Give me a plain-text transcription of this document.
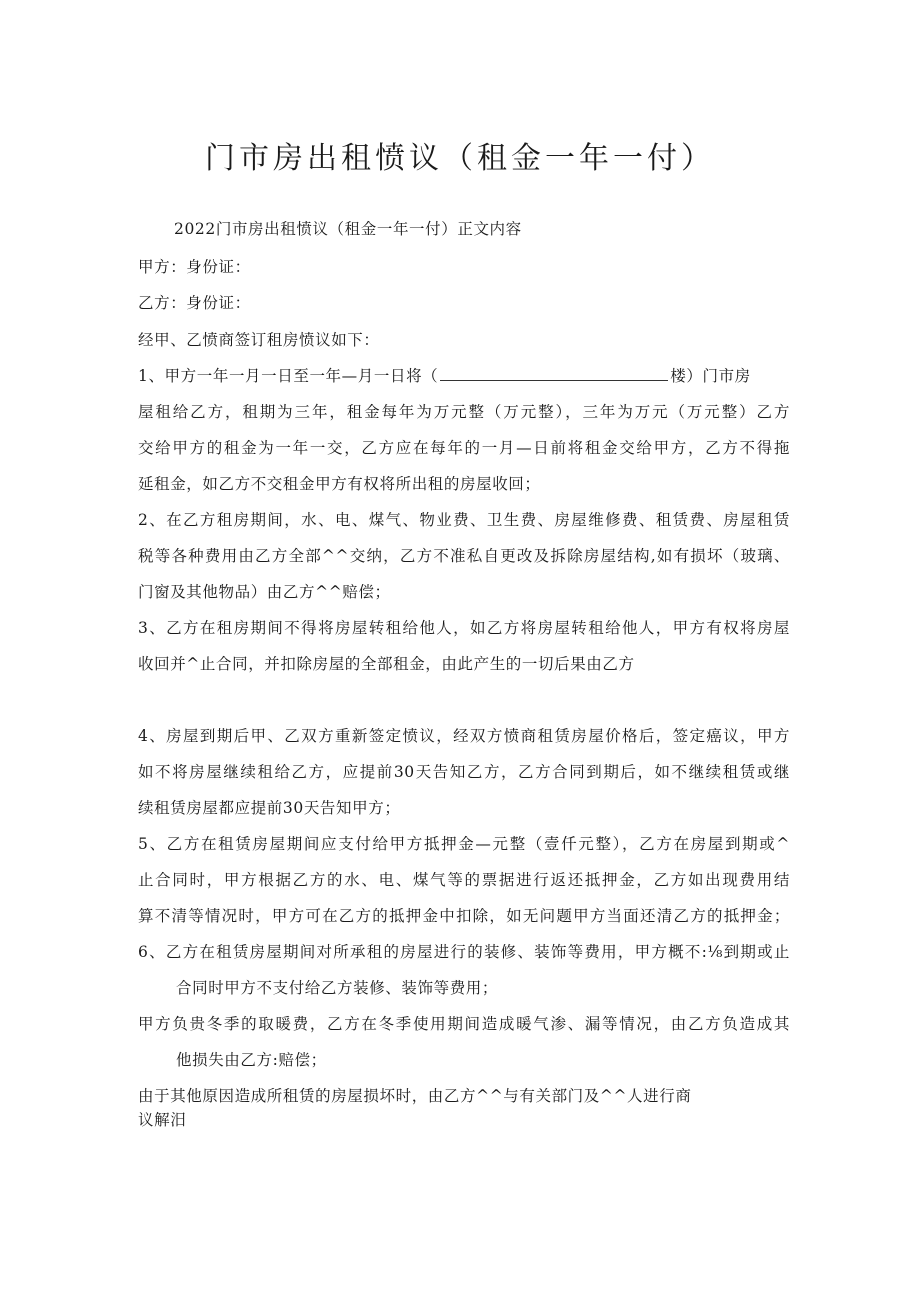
门市房出租愤议（租金一年一付）
2022门市房出租愤议（租金一年一付）正文内容
甲方：身份证：
乙方：身份证：
经甲、乙愤商签订租房愤议如下：
1、甲方一年一月一日至一年—月一日将（	楼）门市房
屋租给乙方，租期为三年，租金每年为万元整（万元整），三年为万元（万元整）乙方
交给甲方的租金为一年一交，乙方应在每年的一月—日前将租金交给甲方，乙方不得拖
延租金，如乙方不交租金甲方有权将所出租的房屋收回；
2、在乙方租房期间，水、电、煤气、物业费、卫生费、房屋维修费、租赁费、房屋租赁
税等各种费用由乙方全部^^交纳，乙方不准私自更改及拆除房屋结构,如有损坏（玻璃、
门窗及其他物品）由乙方^^赔偿；
3、乙方在租房期间不得将房屋转租给他人，如乙方将房屋转租给他人，甲方有权将房屋
收回并^止合同，并扣除房屋的全部租金，由此产生的一切后果由乙方
4、房屋到期后甲、乙双方重新签定愤议，经双方愤商租赁房屋价格后，签定癌议，甲方
如不将房屋继续租给乙方，应提前30天告知乙方，乙方合同到期后，如不继续租赁或继
续租赁房屋都应提前30天告知甲方；
5、乙方在租赁房屋期间应支付给甲方抵押金—元整（壹仟元整），乙方在房屋到期或^
止合同时，甲方根据乙方的水、电、煤气等的票据进行返还抵押金，乙方如出现费用结
算不清等情况时，甲方可在乙方的抵押金中扣除，如无问题甲方当面还清乙方的抵押金；
6、乙方在租赁房屋期间对所承租的房屋进行的装修、装饰等费用，甲方概不:⅛到期或止
合同时甲方不支付给乙方装修、装饰等费用；
甲方负贵冬季的取暖费，乙方在冬季使用期间造成暖气渗、漏等情况，由乙方负造成其
他损失由乙方:赔偿；
由于其他原因造成所租赁的房屋损坏时，由乙方^^与有关部门及^^人进行商
议解汨
